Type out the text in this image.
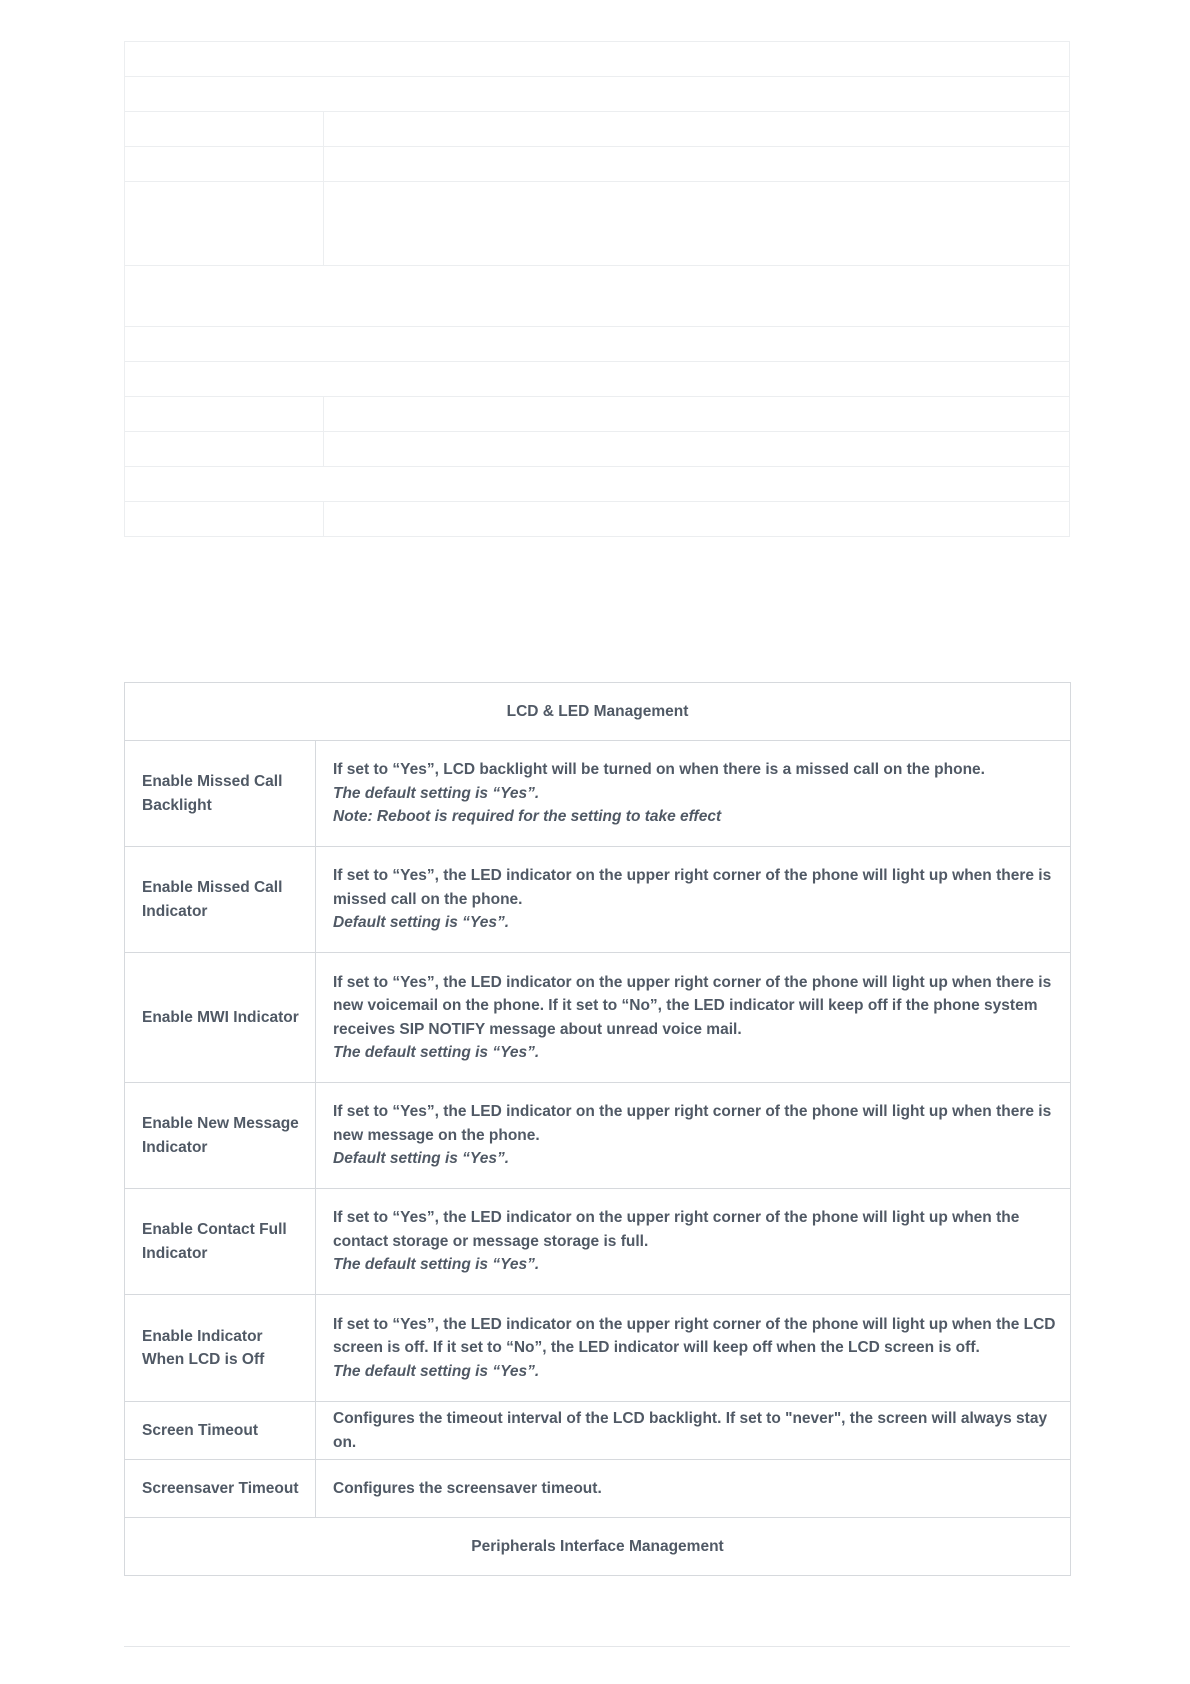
LCD & LED Management	
Enable Missed Call Backlight	If set to “Yes”, LCD backlight will be turned on when there is a missed call on the phone.
The default setting is “Yes”.
Note: Reboot is required for the setting to take effect

Enable Missed Call Indicator	If set to “Yes”, the LED indicator on the upper right corner of the phone will light up when there is missed call on the phone.
Default setting is “Yes”.

Enable MWI Indicator	If set to “Yes”, the LED indicator on the upper right corner of the phone will light up when there is new voicemail on the phone. If it set to “No”, the LED indicator will keep off if the phone system receives SIP NOTIFY message about unread voice mail.
The default setting is “Yes”.

Enable New Message Indicator	If set to “Yes”, the LED indicator on the upper right corner of the phone will light up when there is new message on the phone.
Default setting is “Yes”.

Enable Contact Full Indicator	If set to “Yes”, the LED indicator on the upper right corner of the phone will light up when the contact storage or message storage is full.
The default setting is “Yes”.

Enable Indicator When LCD is Off	If set to “Yes”, the LED indicator on the upper right corner of the phone will light up when the LCD screen is off. If it set to “No”, the LED indicator will keep off when the LCD screen is off.
The default setting is “Yes”.

Screen Timeout	Configures the timeout interval of the LCD backlight. If set to "never", the screen will always stay on.

Screensaver Timeout	Configures the screensaver timeout.

Peripherals Interface Management	
